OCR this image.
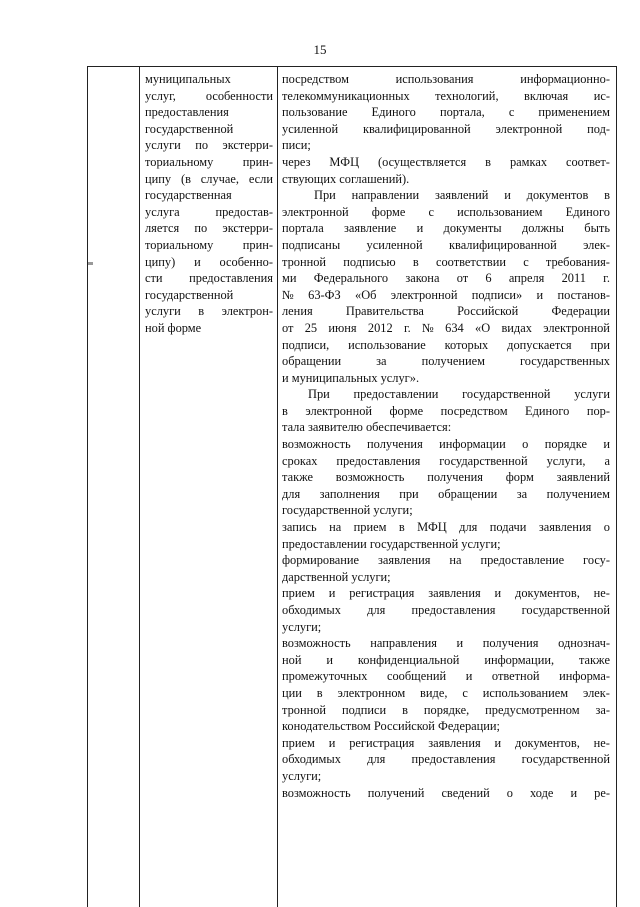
15
муниципальных
услуг, особенности
предоставления
государственной
услуги по экстерри-
ториальному прин-
ципу (в случае, если
государственная
услуга	предостав-
ляется по экстерри-
ториальному прин-
ципу) и особенно-
сти предоставления
государственной
услуги в электрон-
ной форме
посредством	использования	информационно-
телекоммуникационных технологий, включая ис-
пользование Единого портала, с применением
усиленной квалифицированной электронной под-
писи;
через МФЦ (осуществляется в рамках соответ-
ствующих соглашений).
При направлении заявлений и документов в
электронной форме с использованием Единого
портала заявление и документы должны быть
подписаны усиленной квалифицированной элек-
тронной подписью в соответствии с требования-
ми Федерального закона от 6 апреля 2011 г.
№ 63-ФЗ «Об электронной подписи» и постанов-
ления	Правительства	Российской	Федерации
от 25 июня 2012 г. № 634 «О видах электронной
подписи, использование которых допускается при
обращении	за	получением	государственных
и муниципальных услуг».
При предоставлении государственной услуги
в электронной форме посредством Единого пор-
тала заявителю обеспечивается:
возможность получения информации о порядке и
сроках предоставления государственной услуги, а
также возможность получения форм заявлений
для заполнения при обращении за получением
государственной услуги;
запись на прием в МФЦ для подачи заявления о
предоставлении государственной услуги;
формирование заявления на предоставление госу-
дарственной услуги;
прием и регистрация заявления и документов, не-
обходимых для предоставления государственной
услуги;
возможность направления и получения однознач-
ной и конфиденциальной информации, также
промежуточных сообщений и ответной информа-
ции в электронном виде, с использованием элек-
тронной подписи в порядке, предусмотренном за-
конодательством Российской Федерации;
прием и регистрация заявления и документов, не-
обходимых для предоставления государственной
услуги;
возможность получений сведений о ходе и ре-
